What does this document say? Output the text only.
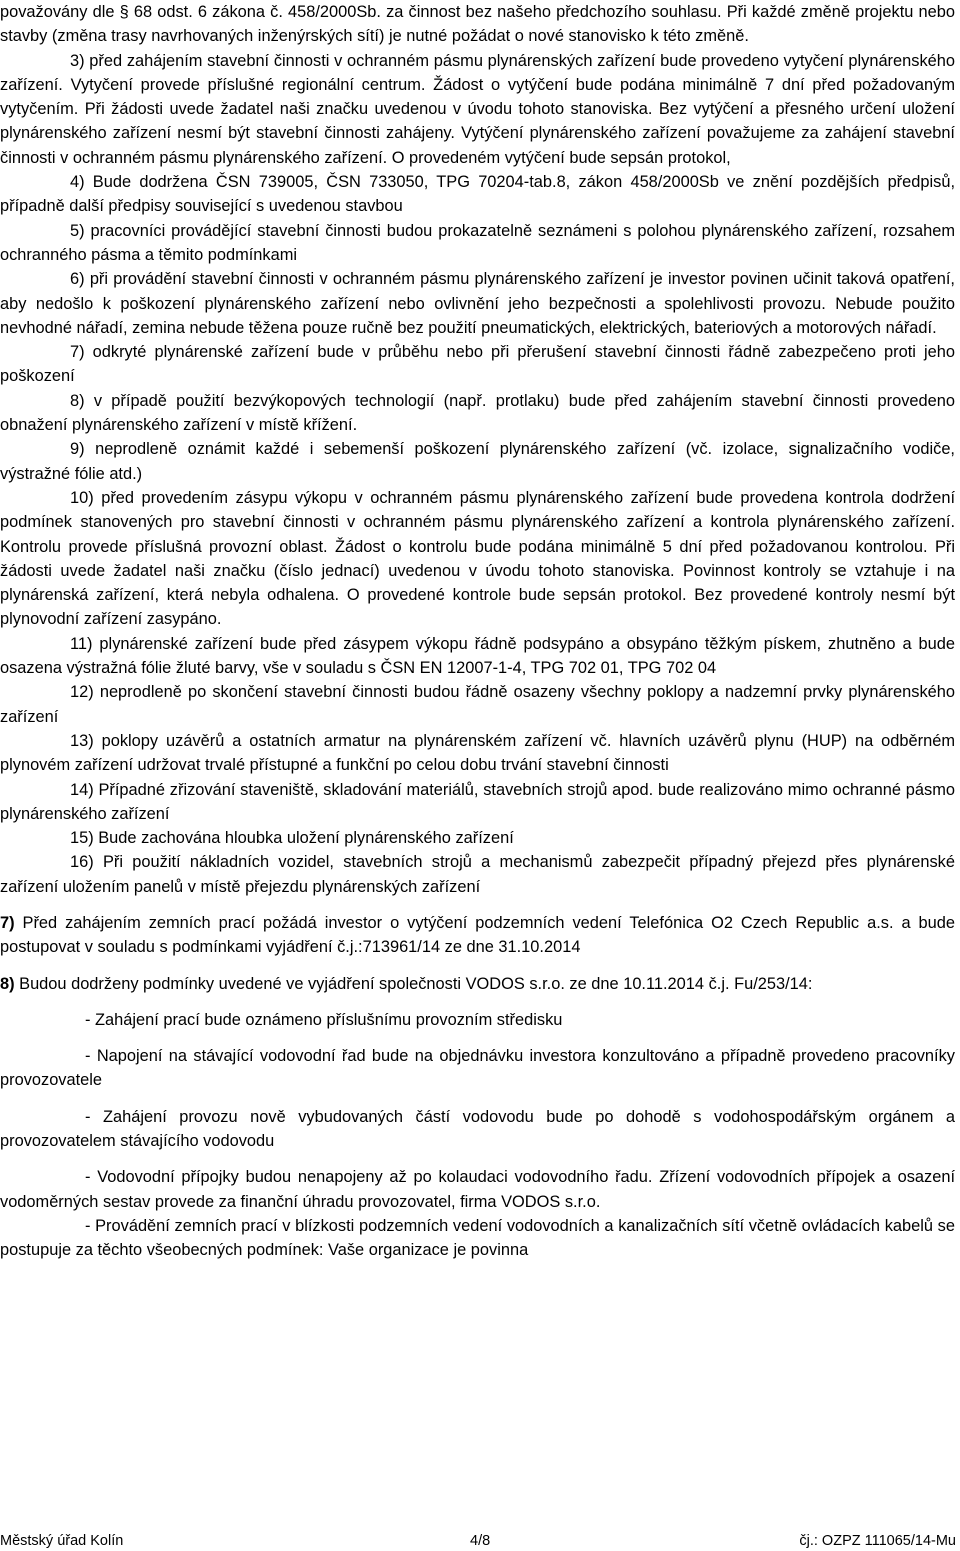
považovány dle § 68 odst. 6 zákona č. 458/2000Sb. za činnost bez našeho předchozího souhlasu. Při každé změně projektu nebo stavby (změna trasy navrhovaných inženýrských sítí) je nutné požádat o nové stanovisko k této změně.

3) před zahájením stavební činnosti v ochranném pásmu plynárenských zařízení bude provedeno vytyčení plynárenského zařízení. Vytyčení provede příslušné regionální centrum. Žádost o vytýčení bude podána minimálně 7 dní před požadovaným vytyčením. Při žádosti uvede žadatel naši značku uvedenou v úvodu tohoto stanoviska. Bez vytýčení a přesného určení uložení plynárenského zařízení nesmí být stavební činnosti zahájeny. Vytýčení plynárenského zařízení považujeme za zahájení stavební činnosti v ochranném pásmu plynárenského zařízení. O provedeném vytýčení bude sepsán protokol,

4) Bude dodržena ČSN 739005, ČSN 733050, TPG 70204-tab.8, zákon 458/2000Sb ve znění pozdějších předpisů, případně další předpisy související s uvedenou stavbou

5) pracovníci provádějící stavební činnosti budou prokazatelně seznámeni s polohou plynárenského zařízení, rozsahem ochranného pásma a těmito podmínkami

6) při provádění stavební činnosti v ochranném pásmu plynárenského zařízení je investor povinen učinit taková opatření, aby nedošlo k poškození plynárenského zařízení nebo ovlivnění jeho bezpečnosti a spolehlivosti provozu. Nebude použito nevhodné nářadí, zemina nebude těžena pouze ručně bez použití pneumatických, elektrických, bateriových a motorových nářadí.

7) odkryté plynárenské zařízení bude v průběhu nebo při přerušení stavební činnosti řádně zabezpečeno proti jeho poškození

8) v případě použití bezvýkopových technologií (např. protlaku) bude před zahájením stavební činnosti provedeno obnažení plynárenského zařízení v místě křížení.

9) neprodleně oznámit každé i sebemenší poškození plynárenského zařízení (vč. izolace, signalizačního vodiče, výstražné fólie atd.)

10) před provedením zásypu výkopu v ochranném pásmu plynárenského zařízení bude provedena kontrola dodržení podmínek stanovených pro stavební činnosti v ochranném pásmu plynárenského zařízení a kontrola plynárenského zařízení. Kontrolu provede příslušná provozní oblast. Žádost o kontrolu bude podána minimálně 5 dní před požadovanou kontrolou. Při žádosti uvede žadatel naši značku (číslo jednací) uvedenou v úvodu tohoto stanoviska. Povinnost kontroly se vztahuje i na plynárenská zařízení, která nebyla odhalena. O provedené kontrole bude sepsán protokol. Bez provedené kontroly nesmí být plynovodní zařízení zasypáno.

11) plynárenské zařízení bude před zásypem výkopu řádně podsypáno a obsypáno těžkým pískem, zhutněno a bude osazena výstražná fólie žluté barvy, vše v souladu s ČSN EN 12007-1-4, TPG 702 01, TPG 702 04

12) neprodleně po skončení stavební činnosti budou řádně osazeny všechny poklopy a nadzemní prvky plynárenského zařízení

13) poklopy uzávěrů a ostatních armatur na plynárenském zařízení vč. hlavních uzávěrů plynu (HUP) na odběrném plynovém zařízení udržovat trvalé přístupné a funkční po celou dobu trvání stavební činnosti

14) Případné zřizování staveniště, skladování materiálů, stavebních strojů apod. bude realizováno mimo ochranné pásmo plynárenského zařízení

15) Bude zachována hloubka uložení plynárenského zařízení

16) Při použití nákladních vozidel, stavebních strojů a mechanismů zabezpečit případný přejezd přes plynárenské zařízení uložením panelů v místě přejezdu plynárenských zařízení

7) Před zahájením zemních prací požádá investor o vytýčení podzemních vedení Telefónica O2 Czech Republic a.s. a bude postupovat v souladu s podmínkami vyjádření č.j.:713961/14 ze dne 31.10.2014

8) Budou dodrženy podmínky uvedené ve vyjádření společnosti VODOS s.r.o. ze dne 10.11.2014 č.j. Fu/253/14:

- Zahájení prací bude oznámeno příslušnímu provozním středisku

- Napojení na stávající vodovodní řad bude na objednávku investora konzultováno a případně provedeno pracovníky provozovatele

- Zahájení provozu nově vybudovaných částí vodovodu bude po dohodě s vodohospodářským orgánem a provozovatelem stávajícího vodovodu

- Vodovodní přípojky budou nenapojeny až po kolaudaci vodovodního řadu. Zřízení vodovodních přípojek a osazení vodoměrných sestav provede za finanční úhradu provozovatel, firma VODOS s.r.o.

- Provádění zemních prací v blízkosti podzemních vedení vodovodních a kanalizačních sítí včetně ovládacích kabelů se postupuje za těchto všeobecných podmínek: Vaše organizace je povinna

Městský úřad Kolín	4/8	čj.: OZPZ 111065/14-Mu
